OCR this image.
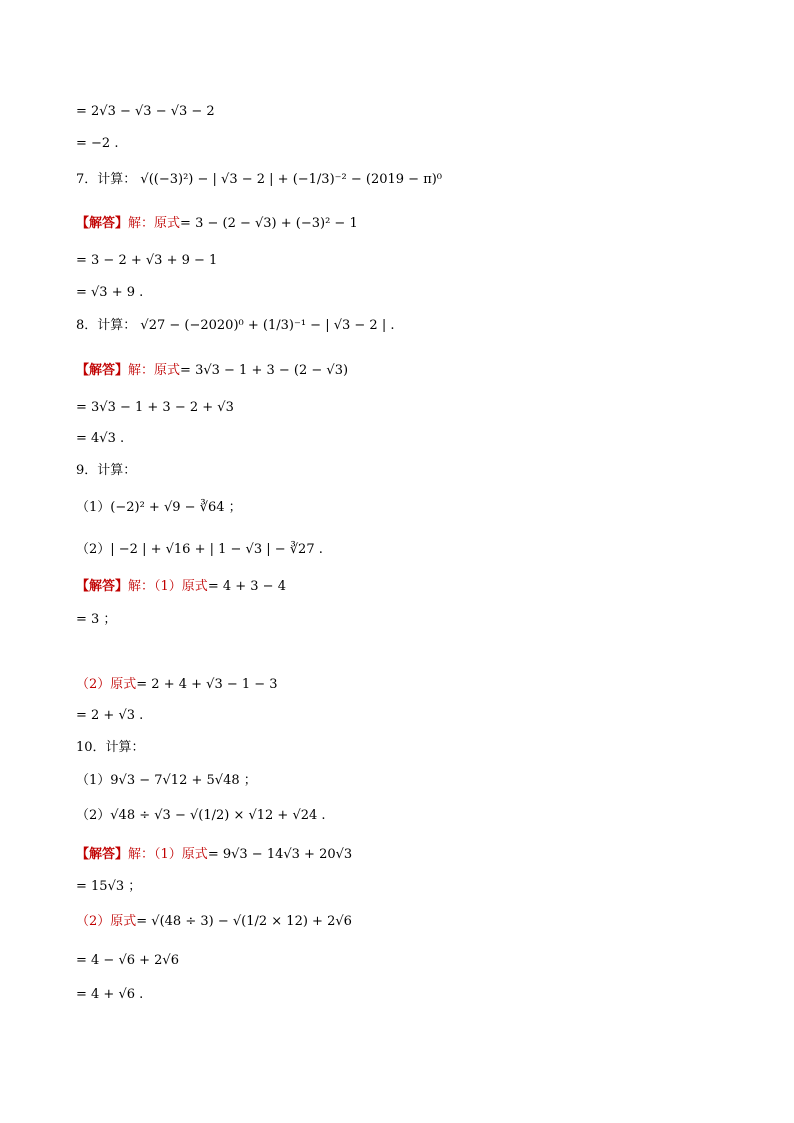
= 2√3 − √3 − √3 − 2
= −2 .
7．计算： √((−3)²) − | √3 − 2 | + (−1/3)⁻² − (2019 − π)⁰
【解答】解：原式= 3 − (2 − √3) + (−3)² − 1
= 3 − 2 + √3 + 9 − 1
= √3 + 9 .
8．计算： √27 − (−2020)⁰ + (1/3)⁻¹ − | √3 − 2 | .
【解答】解：原式= 3√3 − 1 + 3 − (2 − √3)
= 3√3 − 1 + 3 − 2 + √3
= 4√3 .
9．计算：
（1）(−2)² + √9 − ∛64 ；
（2）| −2 | + √16 + | 1 − √3 | − ∛27 .
【解答】解：（1）原式= 4 + 3 − 4
= 3 ；
（2）原式= 2 + 4 + √3 − 1 − 3
= 2 + √3 .
10．计算：
（1）9√3 − 7√12 + 5√48 ；
（2）√48 ÷ √3 − √(1/2) × √12 + √24 .
【解答】解：（1）原式= 9√3 − 14√3 + 20√3
= 15√3 ；
（2）原式= √(48 ÷ 3) − √(1/2 × 12) + 2√6
= 4 − √6 + 2√6
= 4 + √6 .
